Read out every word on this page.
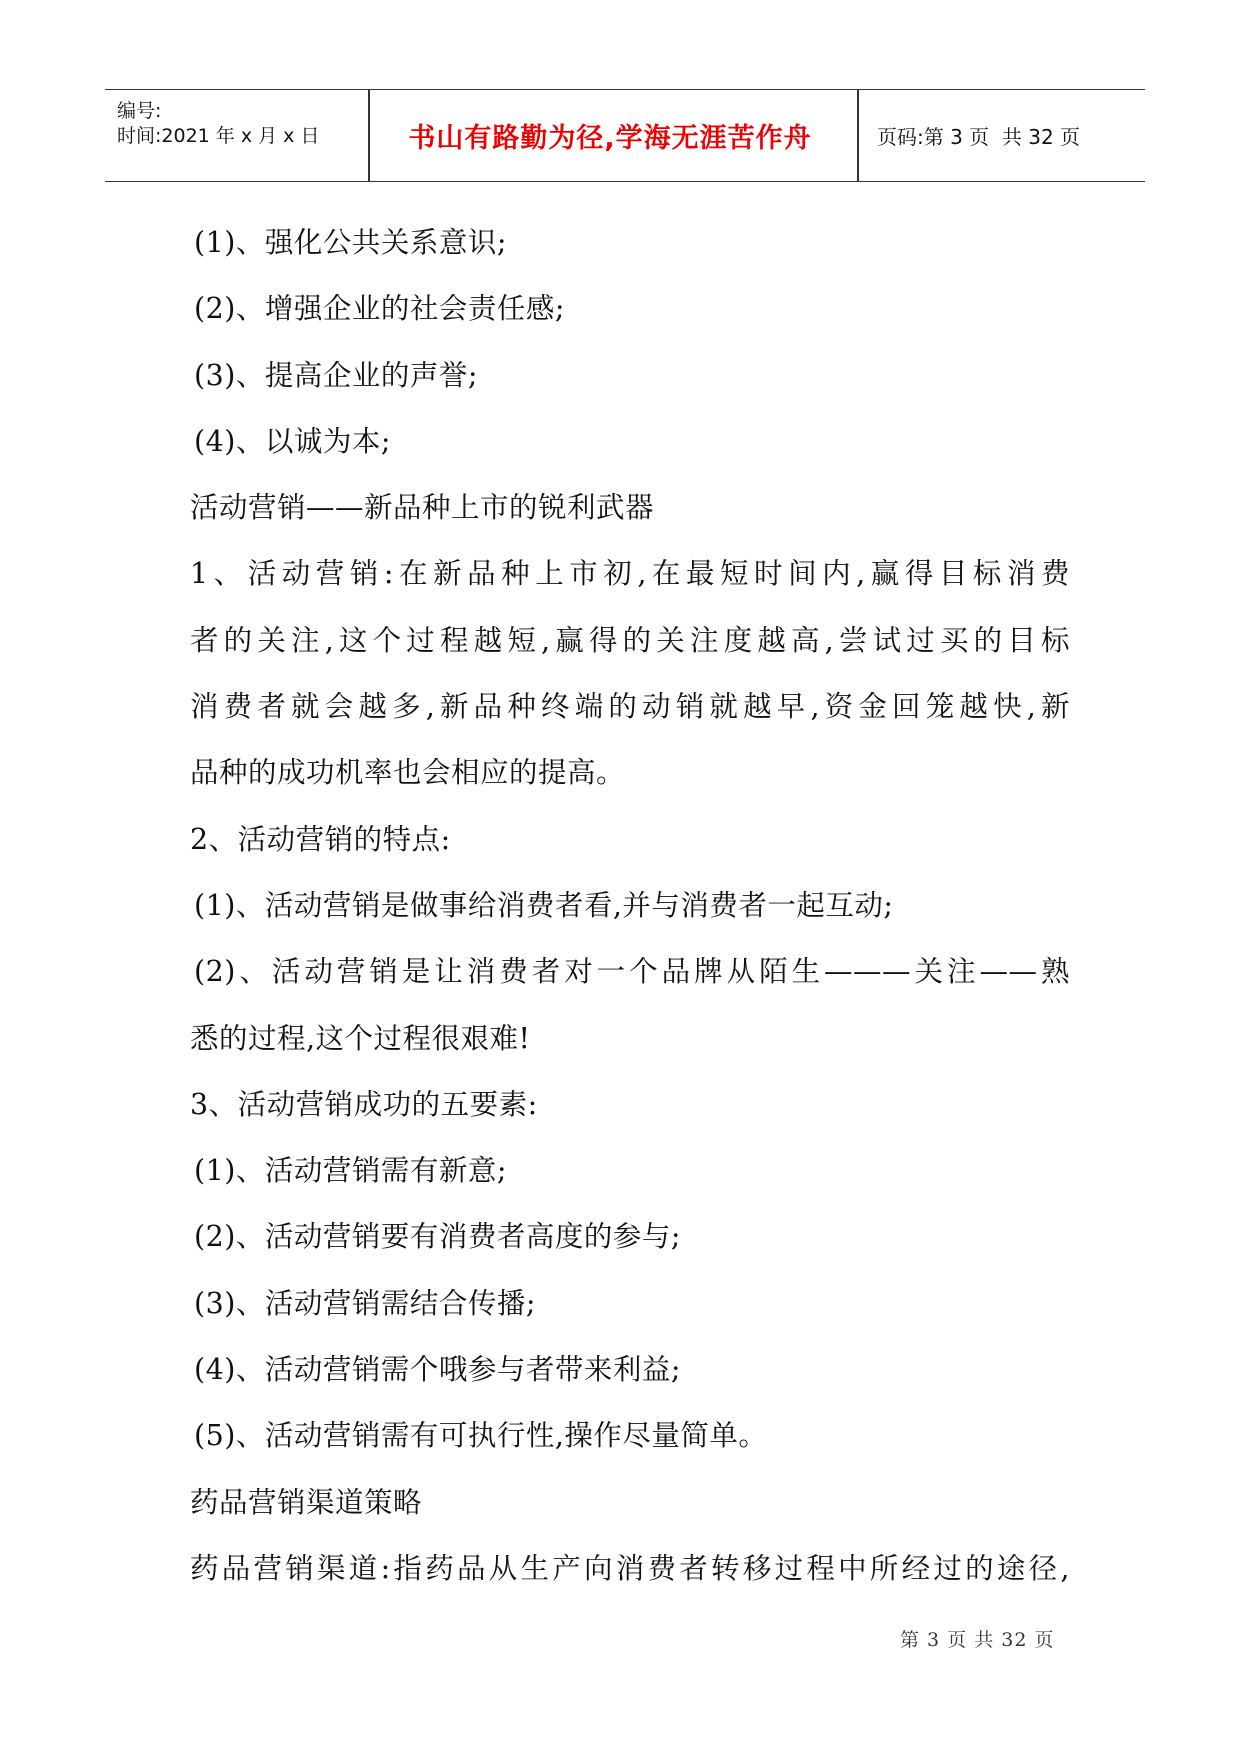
编号:
时间:2021 年 x 月 x 日	书山有路勤为径,学海无涯苦作舟	页码:第 3 页  共 32 页
(1)、强化公共关系意识;
(2)、增强企业的社会责任感;
(3)、提高企业的声誉;
(4)、以诚为本;
活动营销——新品种上市的锐利武器
1、活动营销:在新品种上市初,在最短时间内,赢得目标消费
者的关注,这个过程越短,赢得的关注度越高,尝试过买的目标
消费者就会越多,新品种终端的动销就越早,资金回笼越快,新
品种的成功机率也会相应的提高。
2、活动营销的特点:
(1)、活动营销是做事给消费者看,并与消费者一起互动;
(2)、活动营销是让消费者对一个品牌从陌生———关注——熟
悉的过程,这个过程很艰难!
3、活动营销成功的五要素:
(1)、活动营销需有新意;
(2)、活动营销要有消费者高度的参与;
(3)、活动营销需结合传播;
(4)、活动营销需个哦参与者带来利益;
(5)、活动营销需有可执行性,操作尽量简单。
药品营销渠道策略
药品营销渠道:指药品从生产向消费者转移过程中所经过的途径,
第 3 页 共 32 页
